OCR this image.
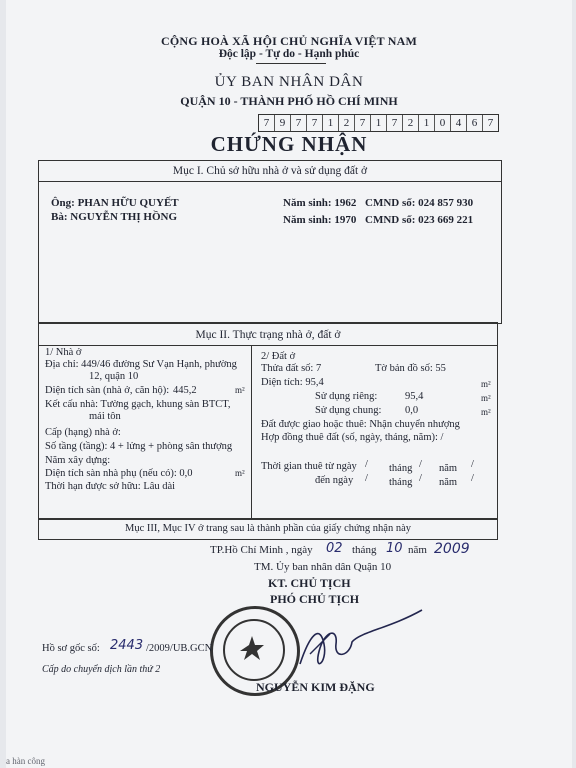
CỘNG HOÀ XÃ HỘI CHỦ NGHĨA VIỆT NAM
Độc lập - Tự do - Hạnh phúc
ỦY BAN NHÂN DÂN
QUẬN 10 - THÀNH PHỐ HỒ CHÍ MINH
7 9 7 7 1 2 7 1 7 2 1 0 4 6 7
CHỨNG NHẬN
Mục I. Chủ sở hữu nhà ở và sử dụng đất ở
Ông: PHAN HỮU QUYẾT	Năm sinh: 1962 CMND số: 024 857 930
Bà: NGUYỄN THỊ HỒNG	Năm sinh: 1970 CMND số: 023 669 221
Mục II. Thực trạng nhà ở, đất ở
1/ Nhà ở
Địa chỉ: 449/46 đường Sư Vạn Hạnh, phường
12, quận 10
Diện tích sàn (nhà ở, căn hộ): 445,2	m²
Kết cấu nhà: Tường gạch, khung sàn BTCT,
mái tôn
Cấp (hạng) nhà ở:
Số tầng (tầng): 4 + lửng + phòng sân thượng
Năm xây dựng:
Diện tích sàn nhà phụ (nếu có): 0,0	m²
Thời hạn được sở hữu: Lâu dài
2/ Đất ở
Thửa đất số: 7	Tờ bản đồ số: 55
Diện tích: 95,4	m²
Sử dụng riêng:	95,4	m²
Sử dụng chung: 0,0	m²
Đất được giao hoặc thuê: Nhận chuyển nhượng
Hợp đồng thuê đất (số, ngày, tháng, năm): /
Thời gian thuê từ ngày / tháng / năm /
đến ngày / tháng / năm /
Mục III, Mục IV ở trang sau là thành phần của giấy chứng nhận này
TP.Hồ Chí Minh , ngày 02 tháng 10 năm 2009
TM. Ủy ban nhân dân Quận 10
KT. CHỦ TỊCH
PHÓ CHỦ TỊCH
NGUYỄN KIM ĐẶNG
Hồ sơ gốc số: 2443 /2009/UB.GCN
Cấp do chuyển dịch lần thứ 2
a hàn công
